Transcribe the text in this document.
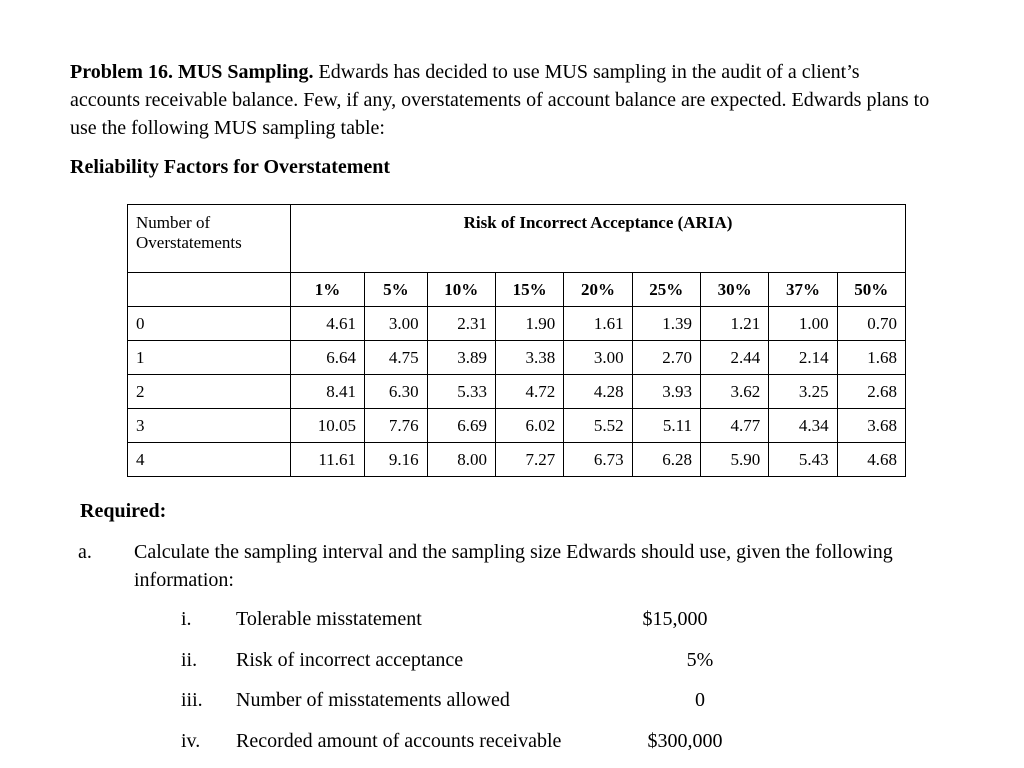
Problem 16. MUS Sampling. Edwards has decided to use MUS sampling in the audit of a client’s accounts receivable balance. Few, if any, overstatements of account balance are expected. Edwards plans to use the following MUS sampling table:
Reliability Factors for Overstatement
Number of Overstatements	Risk of Incorrect Acceptance (ARIA)								
	1%	5%	10%	15%	20%	25%	30%	37%	50%
0	4.61	3.00	2.31	1.90	1.61	1.39	1.21	1.00	0.70
1	6.64	4.75	3.89	3.38	3.00	2.70	2.44	2.14	1.68
2	8.41	6.30	5.33	4.72	4.28	3.93	3.62	3.25	2.68
3	10.05	7.76	6.69	6.02	5.52	5.11	4.77	4.34	3.68
4	11.61	9.16	8.00	7.27	6.73	6.28	5.90	5.43	4.68
Required:
a. Calculate the sampling interval and the sampling size Edwards should use, given the following information:
i. Tolerable misstatement	$15,000
ii. Risk of incorrect acceptance	5%
iii. Number of misstatements allowed	0
iv. Recorded amount of accounts receivable	$300,000
